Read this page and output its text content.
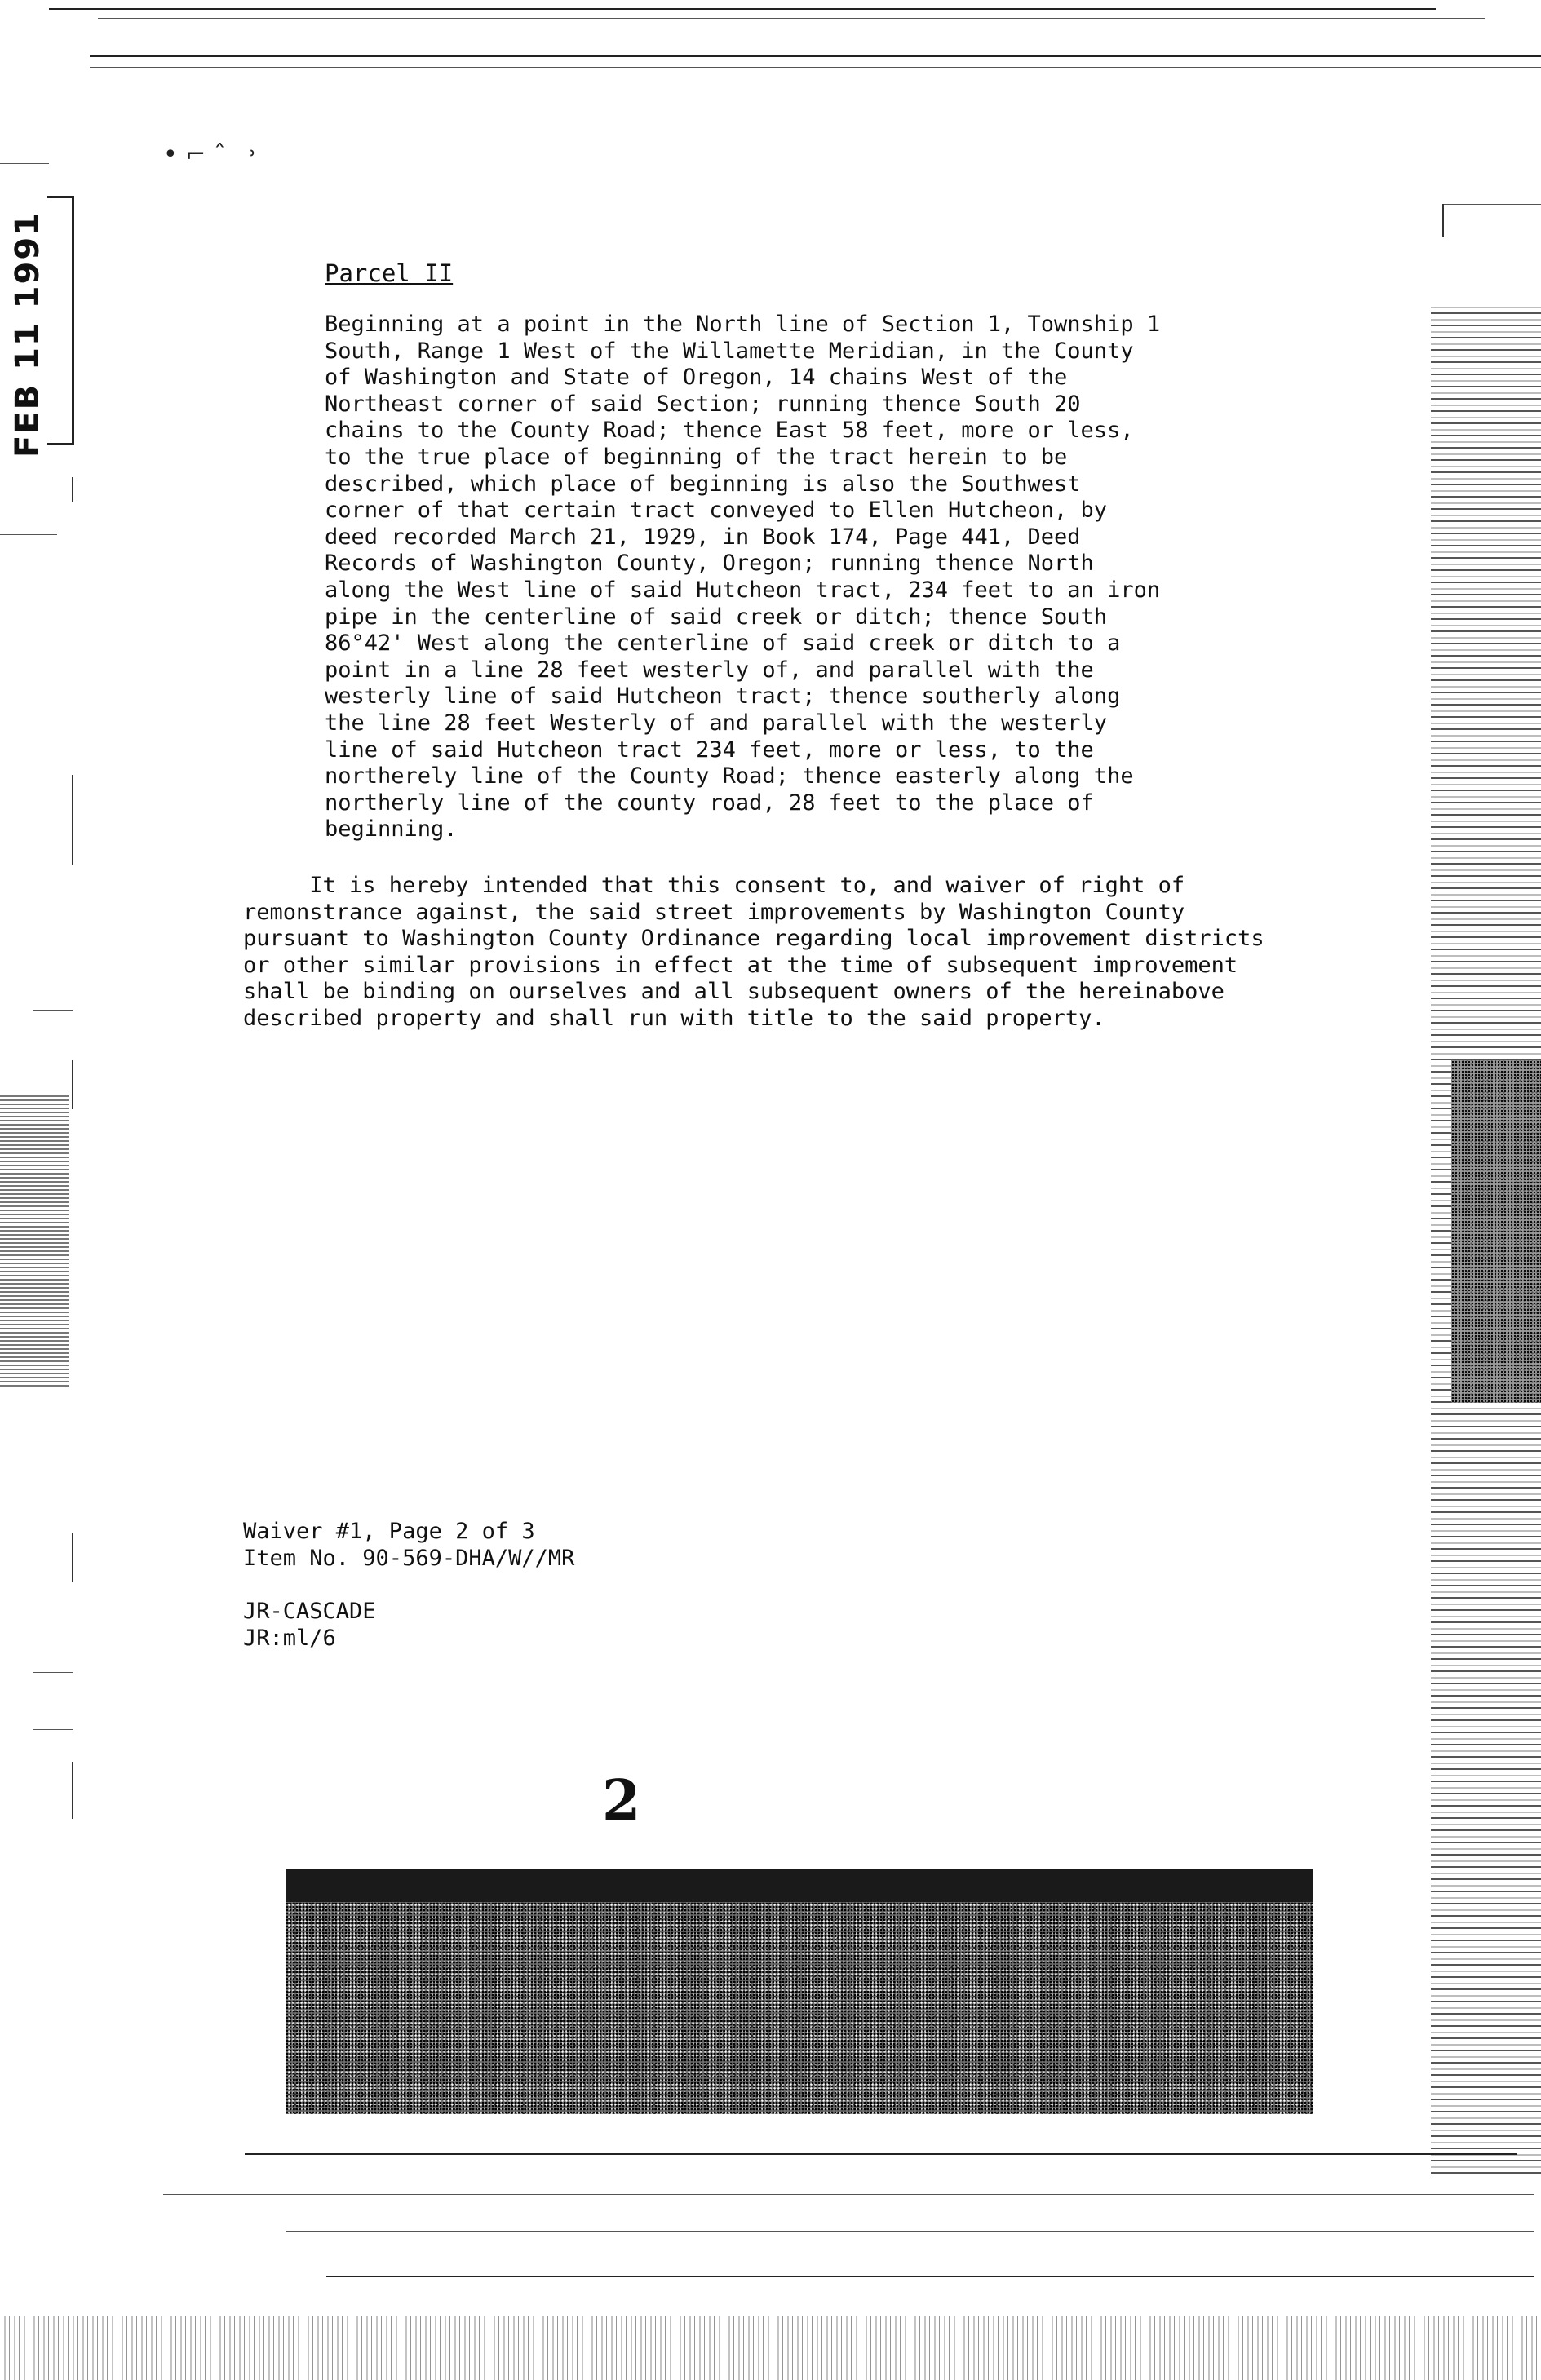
• ⌐ ˆ   ˒
FEB 11 1991	Parcel II
Beginning at a point in the North line of Section 1, Township 1
South, Range 1 West of the Willamette Meridian, in the County
of Washington and State of Oregon, 14 chains West of the
Northeast corner of said Section; running thence South 20
chains to the County Road; thence East 58 feet, more or less,
to the true place of beginning of the tract herein to be
described, which place of beginning is also the Southwest
corner of that certain tract conveyed to Ellen Hutcheon, by
deed recorded March 21, 1929, in Book 174, Page 441, Deed
Records of Washington County, Oregon; running thence North
along the West line of said Hutcheon tract, 234 feet to an iron
pipe in the centerline of said creek or ditch; thence South
86°42' West along the centerline of said creek or ditch to a
point in a line 28 feet westerly of, and parallel with the
westerly line of said Hutcheon tract; thence southerly along
the line 28 feet Westerly of and parallel with the westerly
line of said Hutcheon tract 234 feet, more or less, to the
northerely line of the County Road; thence easterly along the
northerly line of the county road, 28 feet to the place of
beginning.
It is hereby intended that this consent to, and waiver of right of
remonstrance against, the said street improvements by Washington County
pursuant to Washington County Ordinance regarding local improvement districts
or other similar provisions in effect at the time of subsequent improvement
shall be binding on ourselves and all subsequent owners of the hereinabove
described property and shall run with title to the said property.
Waiver #1, Page 2 of 3
Item No. 90-569-DHA/W//MR
JR-CASCADE
JR:ml/6
2
